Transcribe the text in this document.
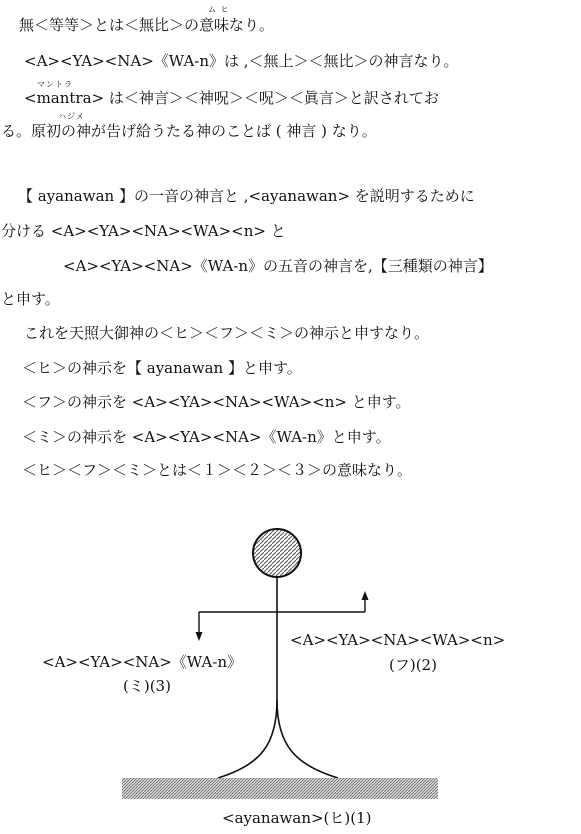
ム ヒ
マントラ
ハジメ
無＜等等＞とは＜無比＞の意味なり。
<A><YA><NA>《WA-n》は ,＜無上＞＜無比＞の神言なり。
<mantra> は＜神言＞＜神呪＞＜呪＞＜眞言＞と訳されてお
る。原初の神が告げ給うたる神のことば ( 神言 ) なり。
【 ayanawan 】の一音の神言と ,<ayanawan> を説明するために
分ける <A><YA><NA><WA><n> と
<A><YA><NA>《WA-n》の五音の神言を,【三種類の神言】
と申す。
これを天照大御神の＜ヒ＞＜フ＞＜ミ＞の神示と申すなり。
＜ヒ＞の神示を【 ayanawan 】と申す。
＜フ＞の神示を <A><YA><NA><WA><n> と申す。
＜ミ＞の神示を <A><YA><NA>《WA-n》と申す。
＜ヒ＞＜フ＞＜ミ＞とは＜１＞＜２＞＜３＞の意味なり。
<A><YA><NA>《WA-n》
(ミ)(3)
<A><YA><NA><WA><n>
(フ)(2)
<ayanawan>(ヒ)(1)
